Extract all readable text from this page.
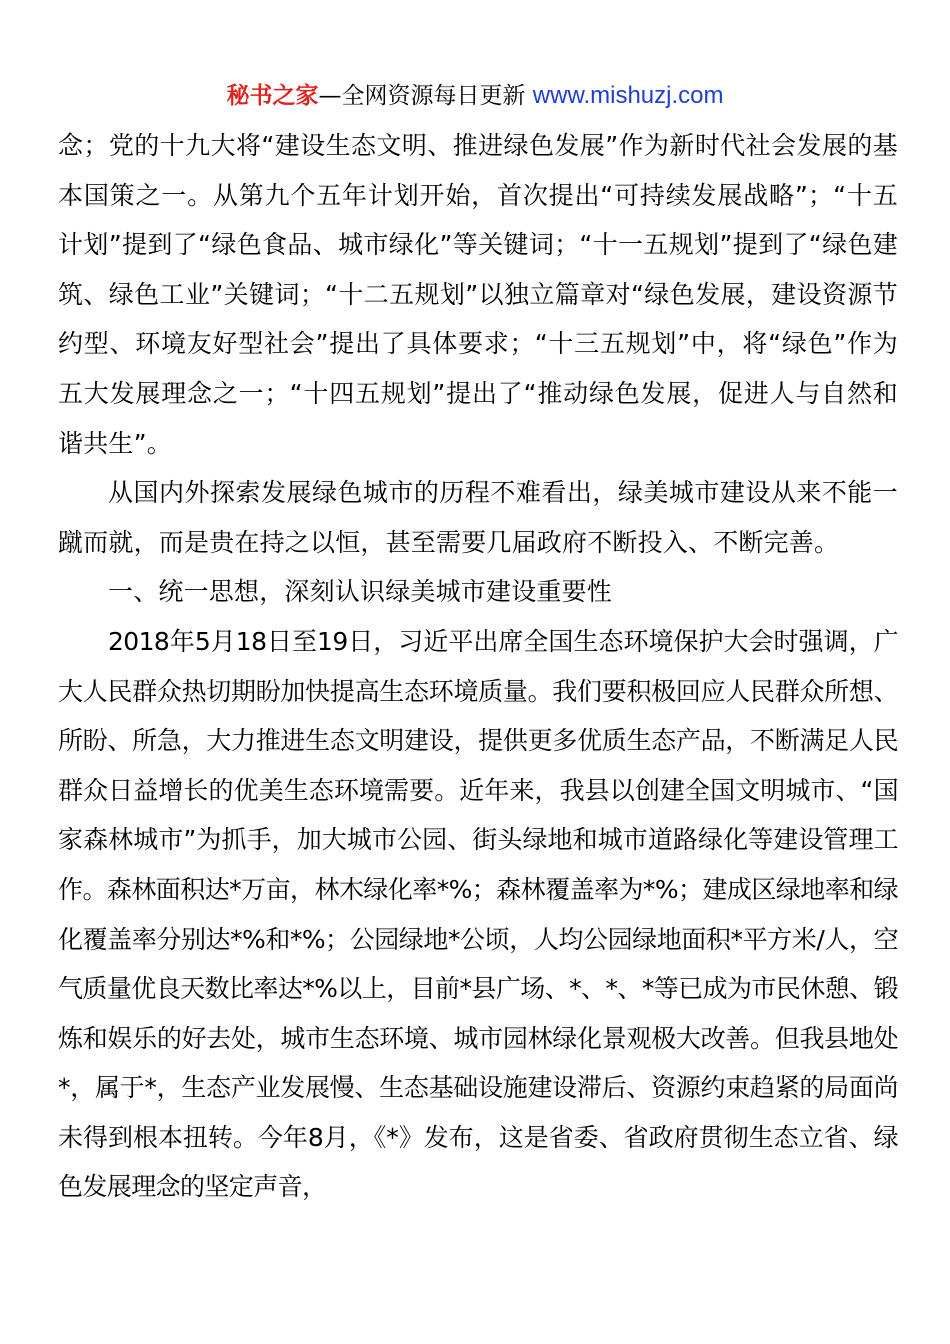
秘书之家—全网资源每日更新 www.mishuzj.com

念；党的十九大将“建设生态文明、推进绿色发展”作为新时代社会发展的基本国策之一。从第九个五年计划开始，首次提出“可持续发展战略”；“十五计划”提到了“绿色食品、城市绿化”等关键词；“十一五规划”提到了“绿色建筑、绿色工业”关键词；“十二五规划”以独立篇章对“绿色发展，建设资源节约型、环境友好型社会”提出了具体要求；“十三五规划”中，将“绿色”作为五大发展理念之一；“十四五规划”提出了“推动绿色发展，促进人与自然和谐共生”。

从国内外探索发展绿色城市的历程不难看出，绿美城市建设从来不能一蹴而就，而是贵在持之以恒，甚至需要几届政府不断投入、不断完善。

一、统一思想，深刻认识绿美城市建设重要性

2018年5月18日至19日，习近平出席全国生态环境保护大会时强调，广大人民群众热切期盼加快提高生态环境质量。我们要积极回应人民群众所想、所盼、所急，大力推进生态文明建设，提供更多优质生态产品，不断满足人民群众日益增长的优美生态环境需要。近年来，我县以创建全国文明城市、“国家森林城市”为抓手，加大城市公园、街头绿地和城市道路绿化等建设管理工作。森林面积达*万亩，林木绿化率*%；森林覆盖率为*%；建成区绿地率和绿化覆盖率分别达*%和*%；公园绿地*公顷，人均公园绿地面积*平方米/人，空气质量优良天数比率达*%以上，目前*县广场、*、*、*等已成为市民休憩、锻炼和娱乐的好去处，城市生态环境、城市园林绿化景观极大改善。但我县地处*，属于*，生态产业发展慢、生态基础设施建设滞后、资源约束趋紧的局面尚未得到根本扭转。今年8月，《*》发布，这是省委、省政府贯彻生态立省、绿色发展理念的坚定声音，
